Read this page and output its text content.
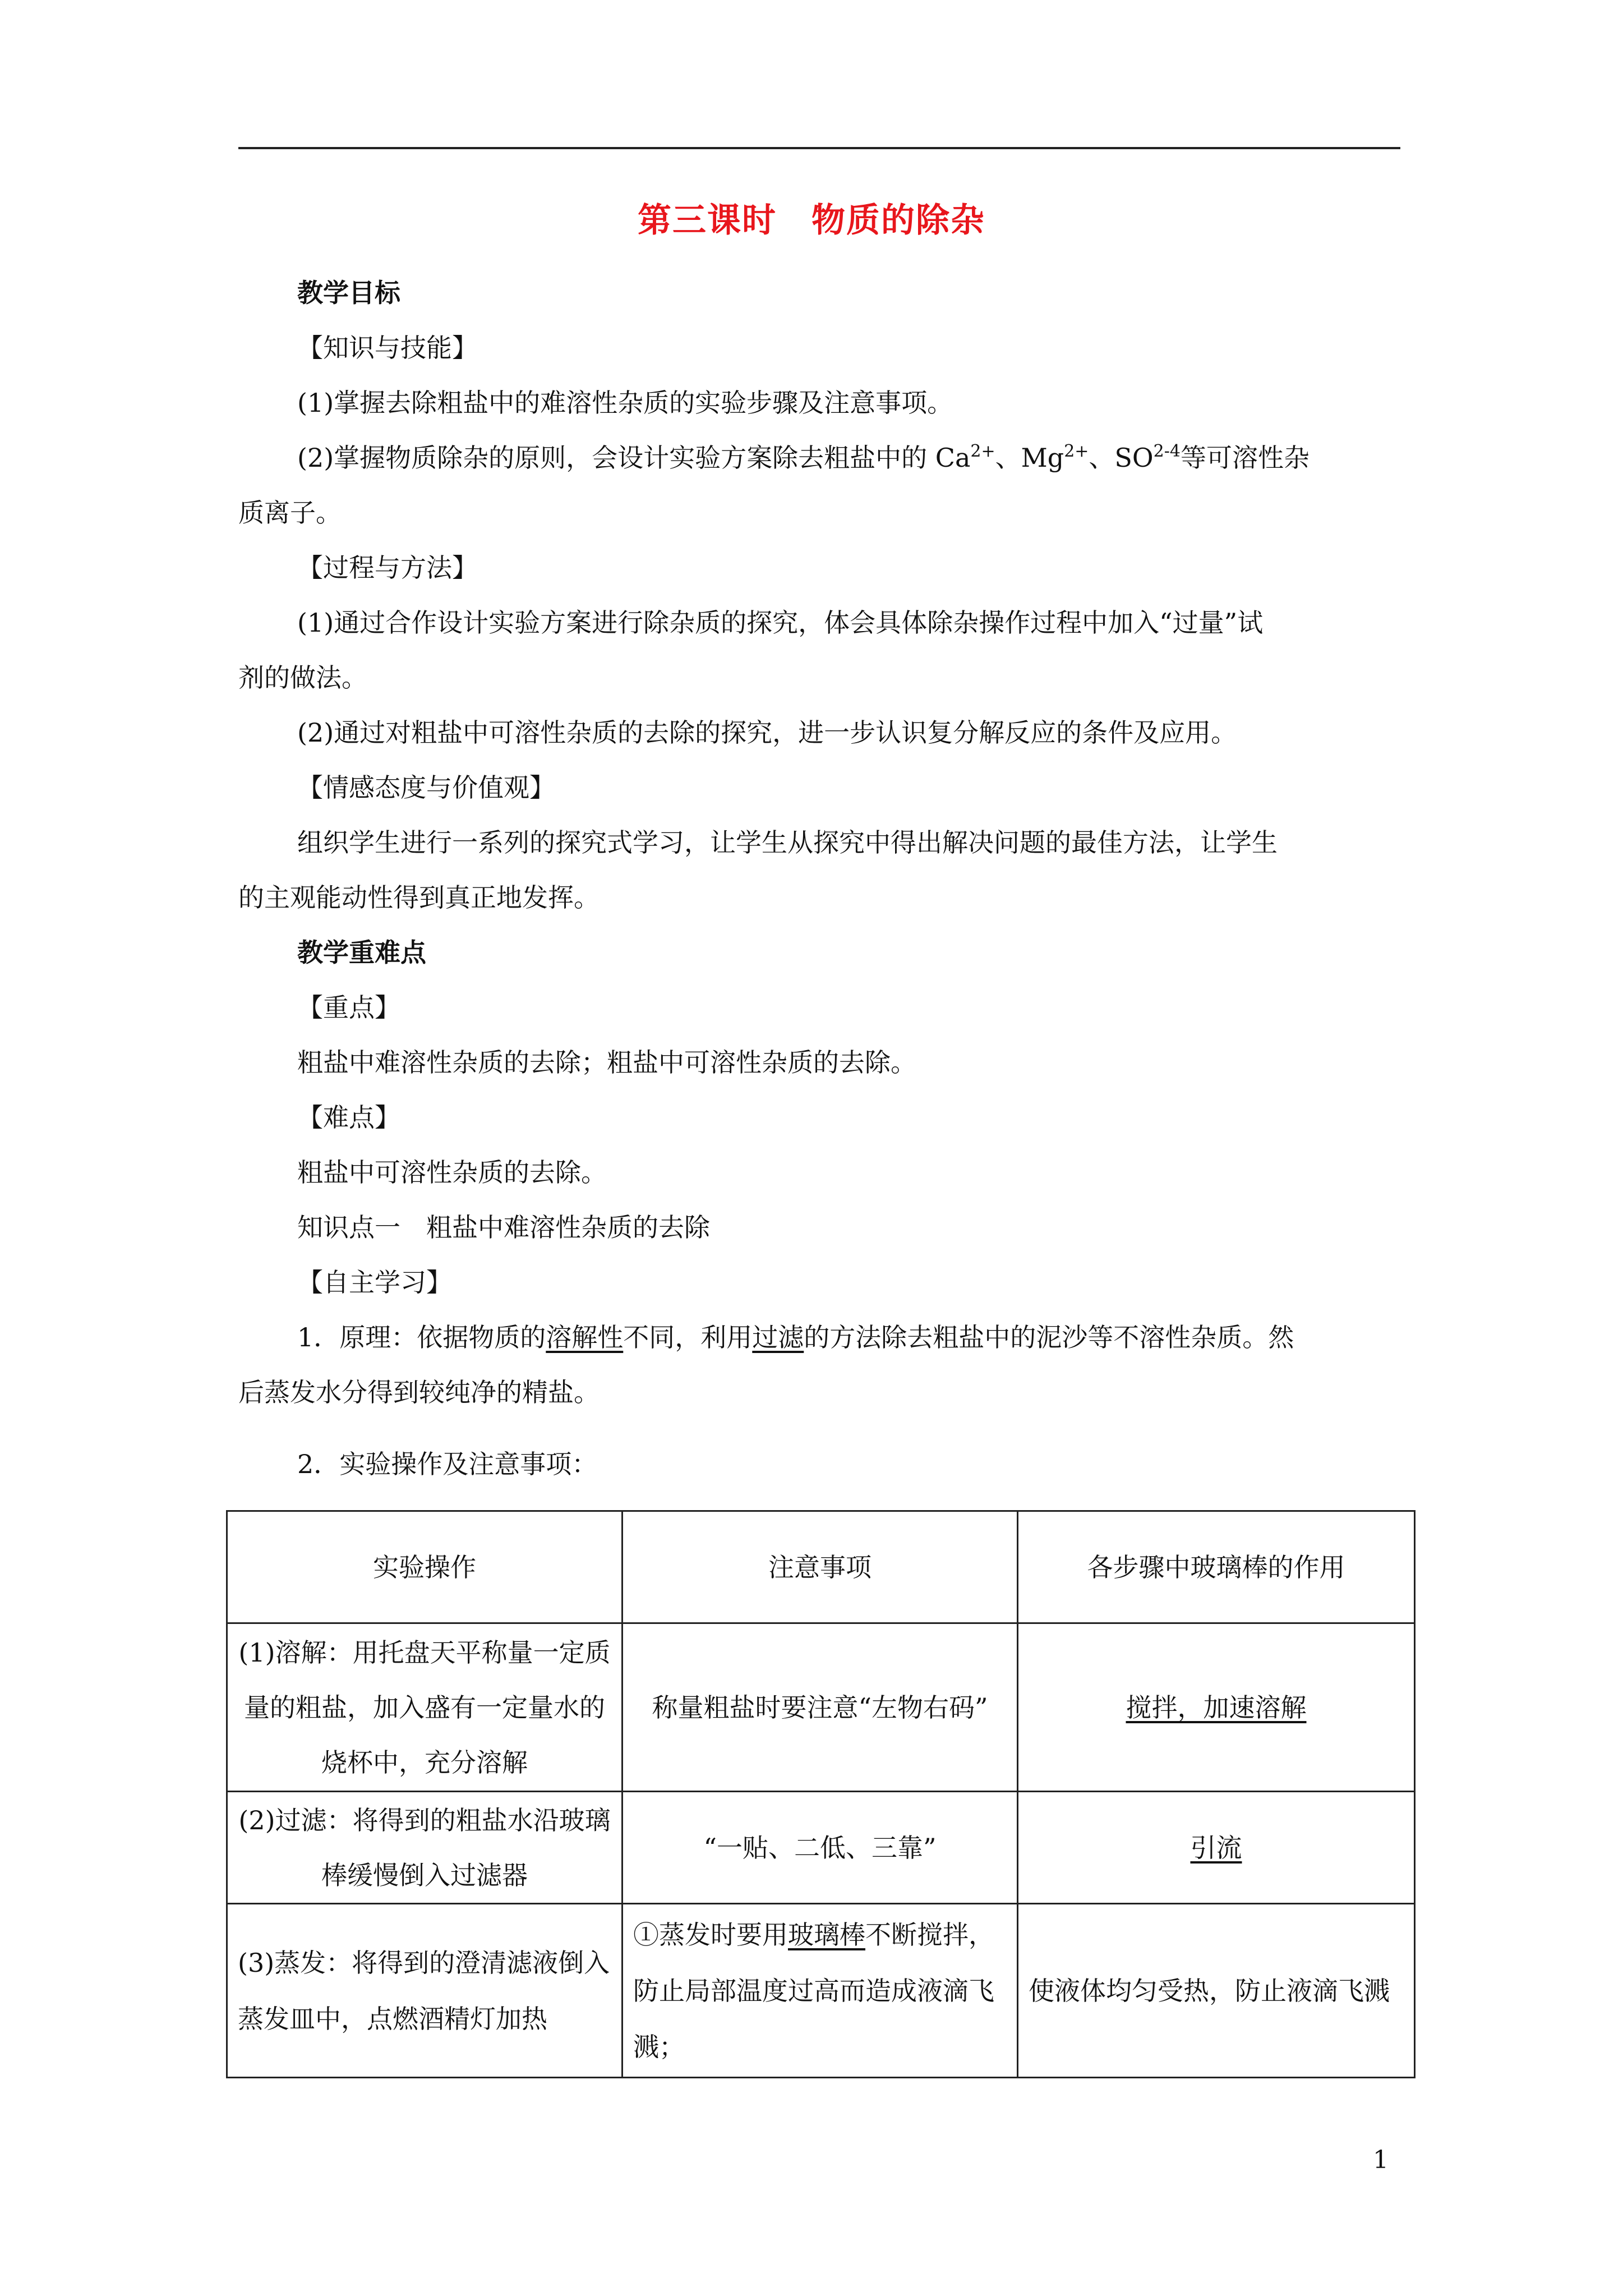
第三课时　物质的除杂
教学目标
【知识与技能】
(1)掌握去除粗盐中的难溶性杂质的实验步骤及注意事项。
(2)掌握物质除杂的原则，会设计实验方案除去粗盐中的 $Ca^{2+}$、$Mg^{2+}$、SO$^{2-4}$等可溶性杂
质离子。
【过程与方法】
(1)通过合作设计实验方案进行除杂质的探究，体会具体除杂操作过程中加入“过量”试
剂的做法。
(2)通过对粗盐中可溶性杂质的去除的探究，进一步认识复分解反应的条件及应用。
【情感态度与价值观】
组织学生进行一系列的探究式学习，让学生从探究中得出解决问题的最佳方法，让学生
的主观能动性得到真正地发挥。
教学重难点
【重点】
粗盐中难溶性杂质的去除；粗盐中可溶性杂质的去除。
【难点】
粗盐中可溶性杂质的去除。
知识点一　粗盐中难溶性杂质的去除
【自主学习】
1．原理：依据物质的溶解性不同，利用过滤的方法除去粗盐中的泥沙等不溶性杂质。然
后蒸发水分得到较纯净的精盐。
2．实验操作及注意事项：
实验操作	注意事项	各步骤中玻璃棒的作用
(1)溶解：用托盘天平称量一定质量的粗盐，加入盛有一定量水的烧杯中，充分溶解	称量粗盐时要注意“左物右码”	搅拌，加速溶解
(2)过滤：将得到的粗盐水沿玻璃棒缓慢倒入过滤器	“一贴、二低、三靠”	引流
(3)蒸发：将得到的澄清滤液倒入蒸发皿中，点燃酒精灯加热	①蒸发时要用玻璃棒不断搅拌，防止局部温度过高而造成液滴飞溅；	使液体均匀受热，防止液滴飞溅
1
